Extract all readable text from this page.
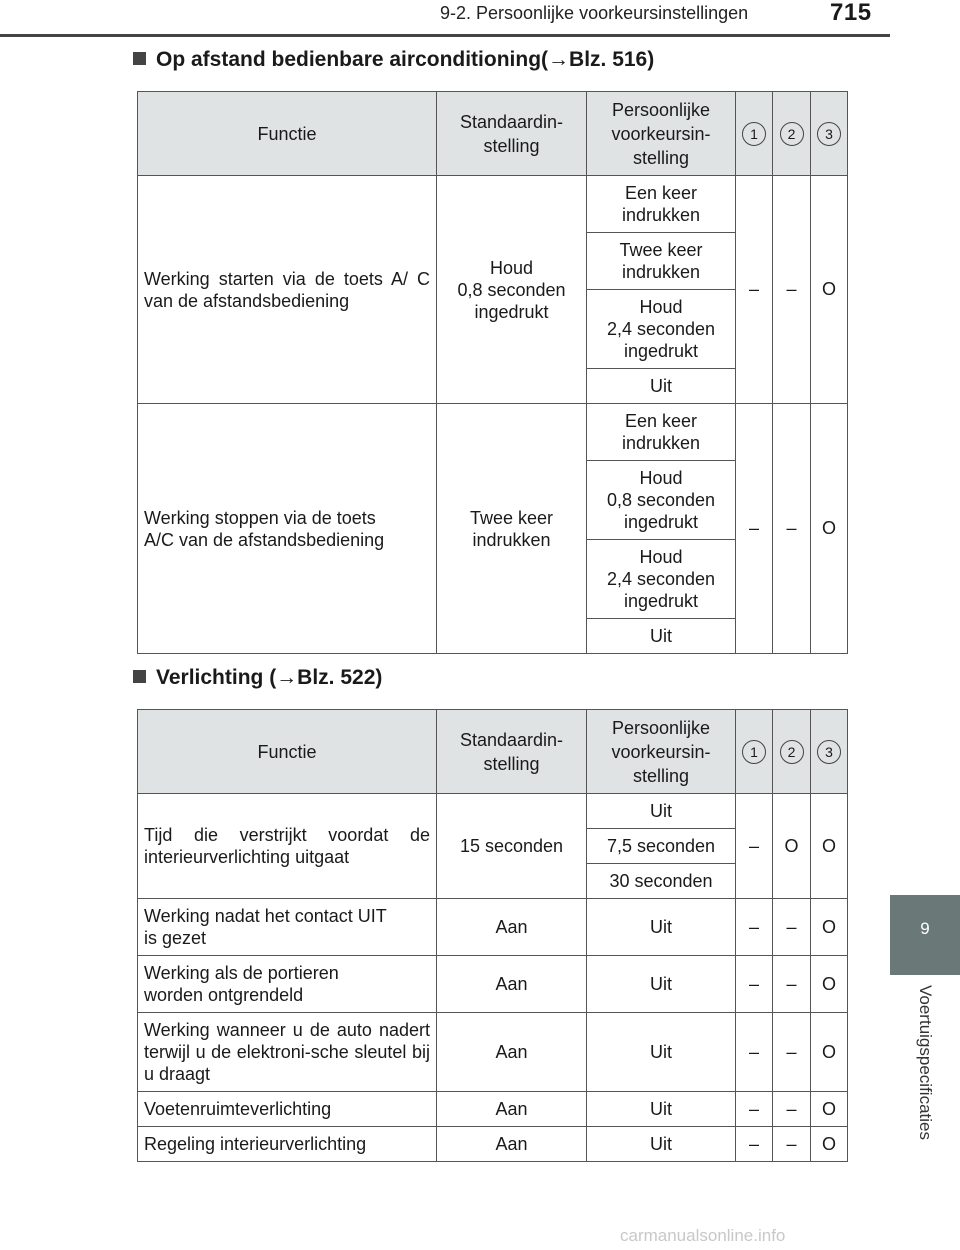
9-2. Persoonlijke voorkeursinstellingen	715
9
Voertuigspecificaties
Op afstand bedienbare airconditioning(→Blz. 516)
Functie	Standaardin-
stelling	Persoonlijke
voorkeursin-
stelling	1	2	3
Werking starten via de toets A/ C van de afstandsbediening	Houd
0,8 seconden
ingedrukt	Een keer
indrukken	–	–	O
		Twee keer
indrukken			
		Houd
2,4 seconden
ingedrukt			
		Uit			
Werking stoppen via de toets
A/C van de afstandsbediening	Twee keer
indrukken	Een keer
indrukken	–	–	O
		Houd
0,8 seconden
ingedrukt			
		Houd
2,4 seconden
ingedrukt			
		Uit			
Verlichting (→Blz. 522)
Functie	Standaardin-
stelling	Persoonlijke
voorkeursin-
stelling	1	2	3
Tijd die verstrijkt voordat de interieurverlichting uitgaat	15 seconden	Uit	–	O	O
		7,5 seconden			
		30 seconden			
Werking nadat het contact UIT
is gezet	Aan	Uit	–	–	O
Werking als de portieren
worden ontgrendeld	Aan	Uit	–	–	O
Werking wanneer u de auto nadert terwijl u de elektroni-sche sleutel bij u draagt	Aan	Uit	–	–	O
Voetenruimteverlichting	Aan	Uit	–	–	O
Regeling interieurverlichting	Aan	Uit	–	–	O
carmanualsonline.info
